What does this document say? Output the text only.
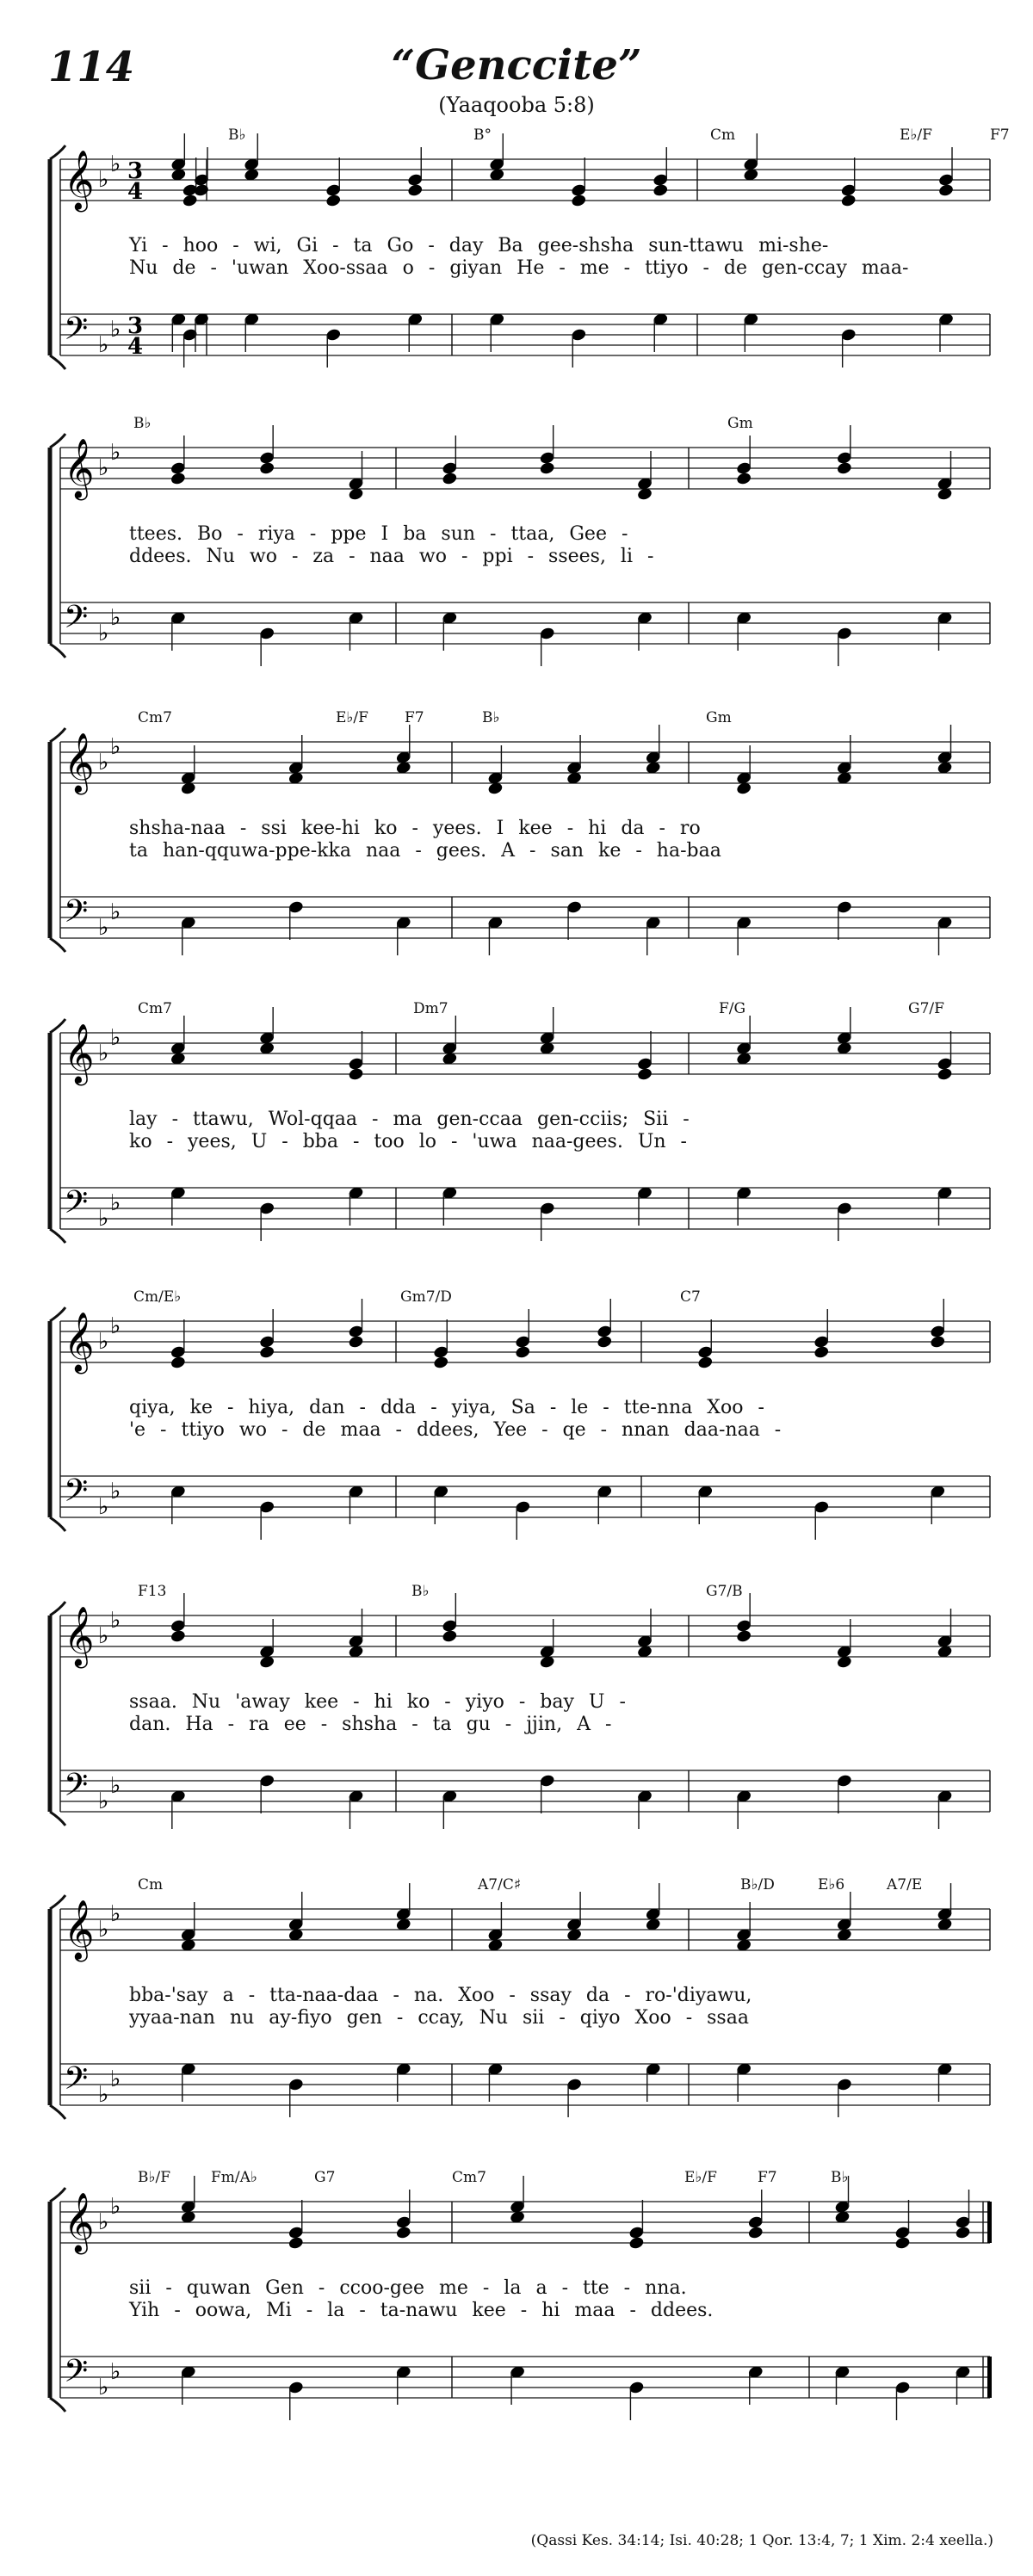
114	“Genccite”
(Yaaqooba 5:8)
𝄞
𝄢
♭
♭
♭
♭
3
4
3
4
B♭	B°	Cm	E♭/F	F7
Yi - hoo - wi, Gi - ta Go - day Ba gee-shsha sun-ttawu mi-she-
Nu de - 'uwan Xoo-ssaa o - giyan He - me - ttiyo - de gen-ccay maa-
𝄞
𝄢
♭
♭
♭
♭
B♭	Gm
ttees. Bo - riya - ppe I ba sun - ttaa, Gee -
ddees. Nu wo - za - naa wo - ppi - ssees, li -
𝄞
𝄢
♭
♭
♭
♭
Cm7	E♭/F F7	B♭	Gm
shsha-naa - ssi kee-hi ko - yees. I kee - hi da - ro
ta han-qquwa-ppe-kka naa - gees. A - san ke - ha-baa
𝄞
𝄢
♭
♭
♭
♭
Cm7	Dm7	F/G	G7/F
lay - ttawu, Wol-qqaa - ma gen-ccaa gen-cciis; Sii -
ko - yees, U - bba - too lo - 'uwa naa-gees. Un -
𝄞
𝄢
♭
♭
♭
♭
Cm/E♭	Gm7/D	C7
qiya, ke - hiya, dan - dda - yiya, Sa - le - tte-nna Xoo -
'e - ttiyo wo - de maa - ddees, Yee - qe - nnan daa-naa -
𝄞
𝄢
♭
♭
♭
♭
F13	B♭	G7/B
ssaa. Nu 'away kee - hi ko - yiyo - bay U -
dan. Ha - ra ee - shsha - ta gu - jjin, A -
𝄞
𝄢
♭
♭
♭
♭
Cm	A7/C♯	B♭/D	E♭6	A7/E
bba-'say a - tta-naa-daa - na. Xoo - ssay da - ro-'diyawu,
yyaa-nan nu ay-fiyo gen - ccay, Nu sii - qiyo Xoo - ssaa
𝄞
𝄢
♭
♭
♭
♭
B♭/F	Fm/A♭	G7	Cm7	E♭/F	F7	B♭
sii - quwan Gen - ccoo-gee me - la a - tte - nna.
Yih - oowa, Mi - la - ta-nawu kee - hi maa - ddees.
(Qassi Kes. 34:14; Isi. 40:28; 1 Qor. 13:4, 7; 1 Xim. 2:4 xeella.)
